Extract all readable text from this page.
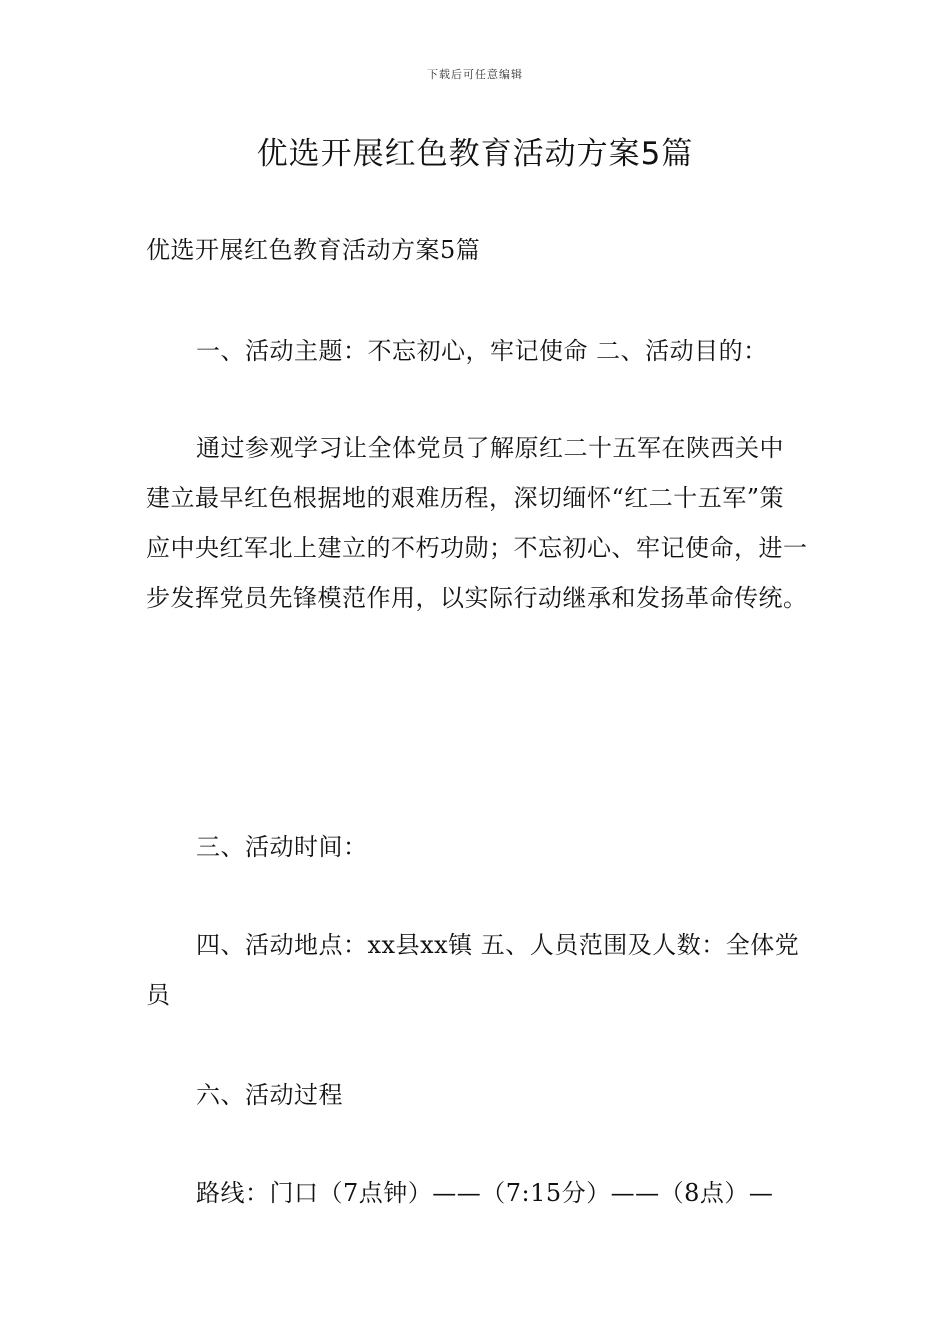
下载后可任意编辑
优选开展红色教育活动方案5篇

优选开展红色教育活动方案5篇

一、活动主题：不忘初心，牢记使命 二、活动目的：

通过参观学习让全体党员了解原红二十五军在陕西关中建立最早红色根据地的艰难历程，深切缅怀“红二十五军”策应中央红军北上建立的不朽功勋；不忘初心、牢记使命，进一步发挥党员先锋模范作用，以实际行动继承和发扬革命传统。

三、活动时间：

四、活动地点：xx县xx镇 五、人员范围及人数：全体党员

六、活动过程

路线：门口（7点钟）——（7:15分）——（8点）—
